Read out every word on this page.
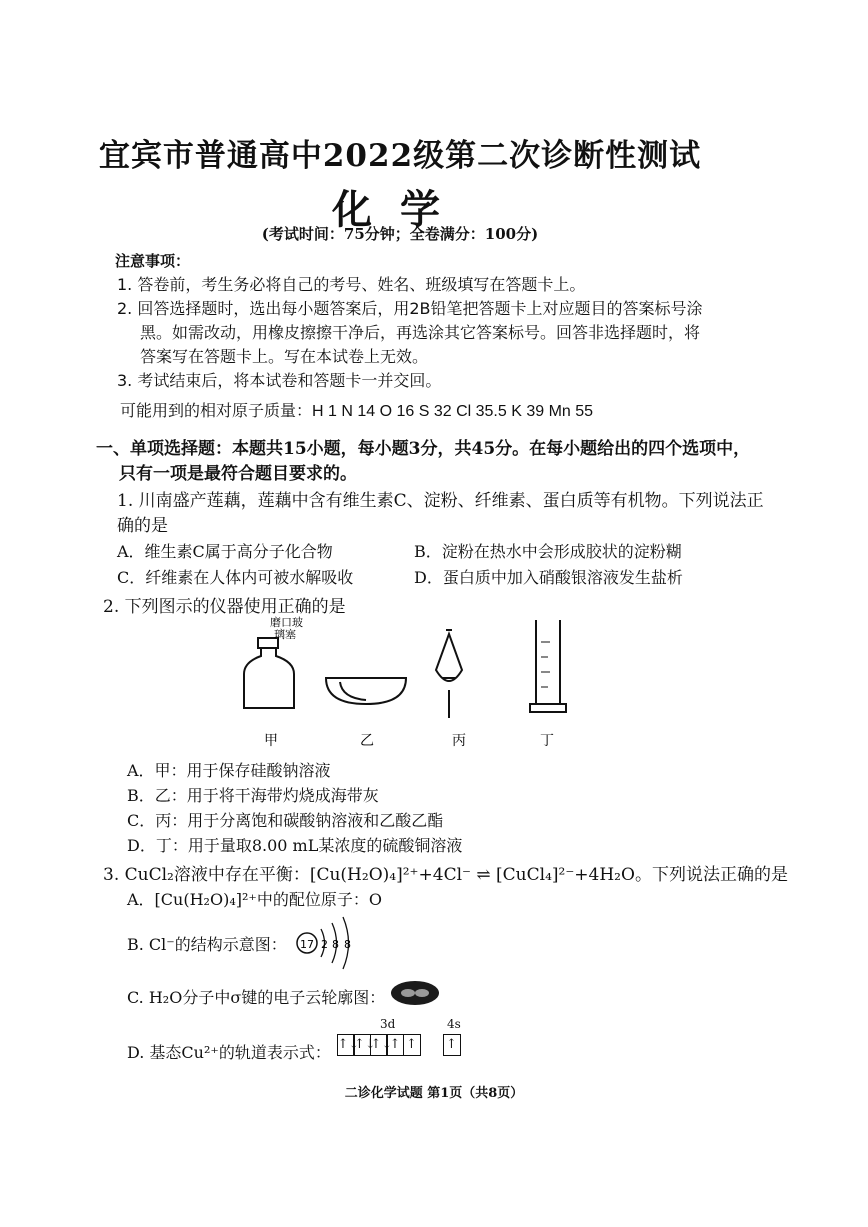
宜宾市普通高中2022级第二次诊断性测试
化学
(考试时间：75分钟；全卷满分：100分)
注意事项：
1. 答卷前，考生务必将自己的考号、姓名、班级填写在答题卡上。
2. 回答选择题时，选出每小题答案后，用2B铅笔把答题卡上对应题目的答案标号涂
黑。如需改动，用橡皮擦擦干净后，再选涂其它答案标号。回答非选择题时，将
答案写在答题卡上。写在本试卷上无效。
3. 考试结束后，将本试卷和答题卡一并交回。
可能用到的相对原子质量：H 1 N 14 O 16 S 32 Cl 35.5 K 39 Mn 55
一、单项选择题：本题共15小题，每小题3分，共45分。在每小题给出的四个选项中，
只有一项是最符合题目要求的。
1. 川南盛产莲藕，莲藕中含有维生素C、淀粉、纤维素、蛋白质等有机物。下列说法正
确的是
A．维生素C属于高分子化合物	B．淀粉在热水中会形成胶状的淀粉糊
C．纤维素在人体内可被水解吸收	D．蛋白质中加入硝酸银溶液发生盐析
2. 下列图示的仪器使用正确的是
磨口玻
璃塞
甲	乙	丙	丁
A．甲：用于保存硅酸钠溶液
B．乙：用于将干海带灼烧成海带灰
C．丙：用于分离饱和碳酸钠溶液和乙酸乙酯
D．丁：用于量取8.00 mL某浓度的硫酸铜溶液
3. CuCl₂溶液中存在平衡：[Cu(H₂O)₄]²⁺+4Cl⁻ ⇌ [CuCl₄]²⁻+4H₂O。下列说法正确的是
A．[Cu(H₂O)₄]²⁺中的配位原子：O
B. Cl⁻的结构示意图： 17 2 8 8
C. H₂O分子中σ键的电子云轮廓图：
D. 基态Cu²⁺的轨道表示式：
3d	4s
↑↓↑↓↑↓↑ ↑ ↑
二诊化学试题 第1页（共8页）
